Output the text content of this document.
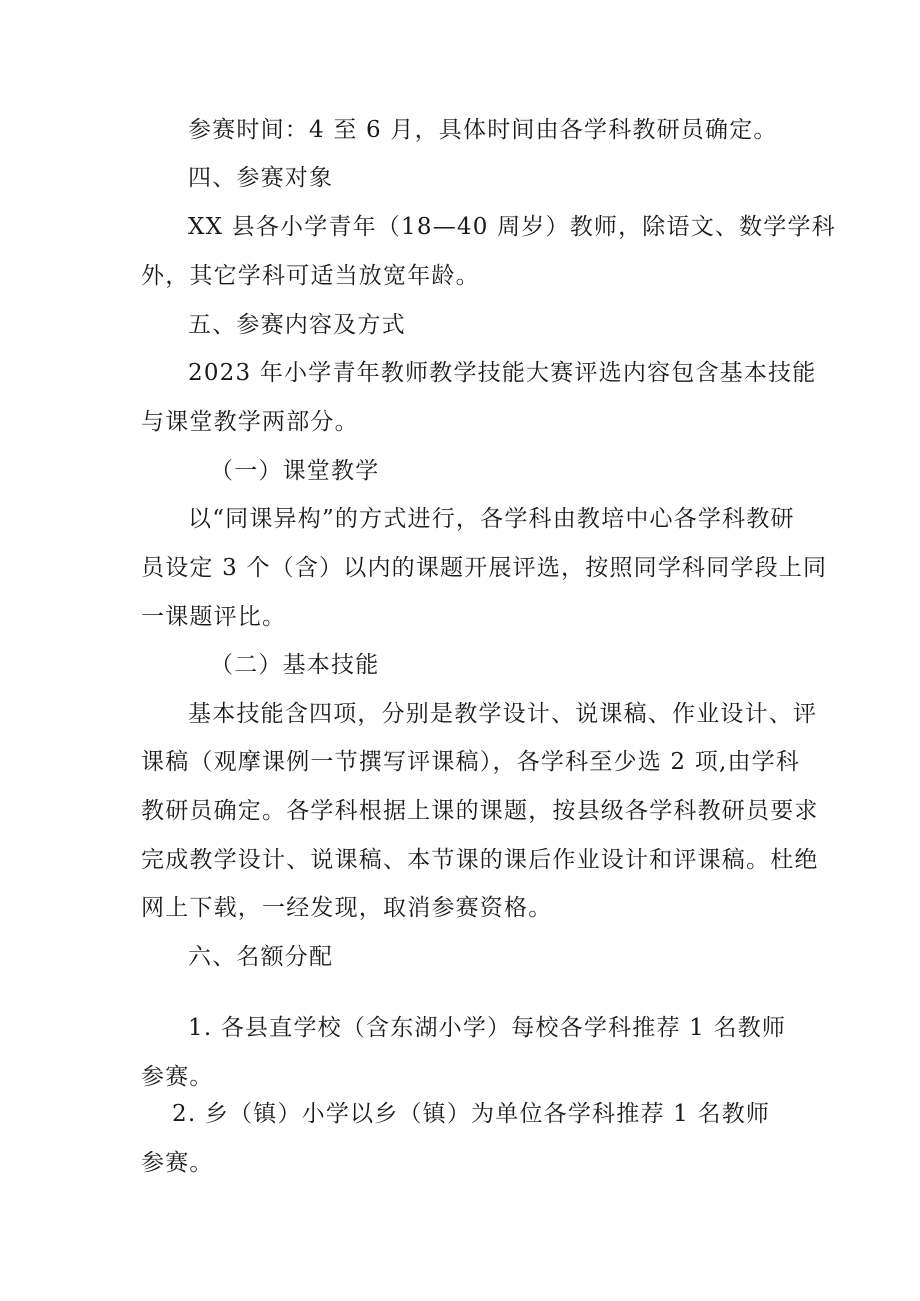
参赛时间：4 至 6 月，具体时间由各学科教研员确定。
四、参赛对象
XX 县各小学青年（18—40 周岁）教师，除语文、数学学科
外，其它学科可适当放宽年龄。
五、参赛内容及方式
2023 年小学青年教师教学技能大赛评选内容包含基本技能
与课堂教学两部分。
（一）课堂教学
以“同课异构”的方式进行，各学科由教培中心各学科教研
员设定 3 个（含）以内的课题开展评选，按照同学科同学段上同
一课题评比。
（二）基本技能
基本技能含四项，分别是教学设计、说课稿、作业设计、评
课稿（观摩课例一节撰写评课稿），各学科至少选 2 项,由学科
教研员确定。各学科根据上课的课题，按县级各学科教研员要求
完成教学设计、说课稿、本节课的课后作业设计和评课稿。杜绝
网上下载，一经发现，取消参赛资格。
六、名额分配
1. 各县直学校（含东湖小学）每校各学科推荐 1 名教师
参赛。
2. 乡（镇）小学以乡（镇）为单位各学科推荐 1 名教师
参赛。
